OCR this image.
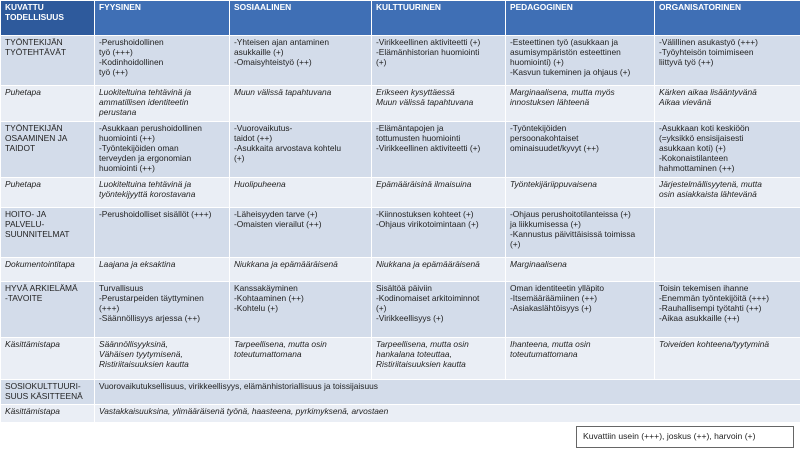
KUVATTU
TODELLISUUS	FYYSINEN	SOSIAALINEN	KULTTUURINEN	PEDAGOGINEN	ORGANISATORINEN

TYÖNTEKIJÄN
TYÖTEHTÄVÄT	-Perushoidollinen
työ (+++)
-Kodinhoidollinen
työ (++)	-Yhteisen ajan antaminen
asukkaille (+)
-Omaisyhteistyö (++)	-Virikkeellinen aktiviteetti (+)
-Elämänhistorian huomiointi
(+)	-Esteettinen työ (asukkaan ja
asumisympäristön esteettinen
huomiointi) (+)
-Kasvun tukeminen ja ohjaus (+)	-Välillinen asukastyö (+++)
-Työyhteisön toimimiseen
liittyvä työ (++)

Puhetapa	Luokiteltuina tehtävinä ja
ammatillisen identiteetin
perustana	Muun välissä tapahtuvana	Erikseen kysyttäessä
Muun välissä tapahtuvana	Marginaalisena, mutta myös
innostuksen lähteenä	Kärken aikaa lisääntyvänä
Aikaa vievänä

TYÖNTEKIJÄN
OSAAMINEN JA
TAIDOT	-Asukkaan perushoidollinen
huomiointi (++)
-Työntekijöiden oman
terveyden ja ergonomian
huomiointi (++)	-Vuorovaikutus-
taidot (++)
-Asukkaita arvostava kohtelu
(+)	-Elämäntapojen ja
tottumusten huomiointi
-Virikkeellinen aktiviteetti (+)	-Työntekijöiden
persoonakohtaiset
ominaisuudet/kyvyt (++)	-Asukkaan koti keskiöön
(=yksikkö ensisijaisesti
asukkaan koti) (+)
-Kokonaistilanteen
hahmottaminen (++)

Puhetapa	Luokiteltuina tehtävinä ja
työntekijyyttä korostavana	Huolipuheena	Epämääräisinä ilmaisuina	Työntekijäriippuvaisena	Järjestelmällisyytenä, mutta
osin asiakkaista lähtevänä

HOITO- JA
PALVELU-
SUUNNITELMAT	-Perushoidolliset sisällöt (+++)	-Läheisyyden tarve (+)
-Omaisten vierailut (++)	-Kiinnostuksen kohteet (+)
-Ohjaus virikotoimintaan (+)	-Ohjaus perushoitotilanteissa (+)
ja liikkumisessa (+)
-Kannustus päivittäisissä toimissa
(+)	

Dokumentointitapa	Laajana ja eksaktina	Niukkana ja epämääräisenä	Niukkana ja epämääräisenä	Marginaalisena	

HYVÄ ARKIELÄMÄ
-TAVOITE	Turvallisuus
-Perustarpeiden täyttyminen
(+++)
-Säännöllisyys arjessa (++)	Kanssakäyminen
-Kohtaaminen (++)
-Kohtelu (+)	Sisältöä päiviin
-Kodinomaiset arkitoiminnot
(+)
-Virikkeellisyys (+)	Oman identiteetin ylläpito
-Itsemääräämiinen (++)
-Asiakaslähtöisyys (+)	Toisin tekemisen ihanne
-Enemmän työntekijöitä (+++)
-Rauhallisempi työtahti (++)
-Aikaa asukkaille (++)

Käsittämistapa	Säännöllisyyksinä,
Vähäisen tyytymisenä,
Ristiriitaisuuksien kautta	Tarpeellisena, mutta osin
toteutumattomana	Tarpeellisena, mutta osin
hankalana toteuttaa,
Ristiriitaisuuksien kautta	Ihanteena, mutta osin
toteutumattomana	Toiveiden kohteena/tyytyminä

SOSIOKULTTUURI-
SUUS KÄSITTEENÄ	Vuorovaikutuksellisuus, virikkeellisyys, elämänhistoriallisuus ja toissijaisuus				

Käsittämistapa	Vastakkaisuuksina, ylimääräisenä työnä, haasteena, pyrkimyksenä, arvostaen				
Kuvattiin usein (+++), joskus (++), harvoin (+)
